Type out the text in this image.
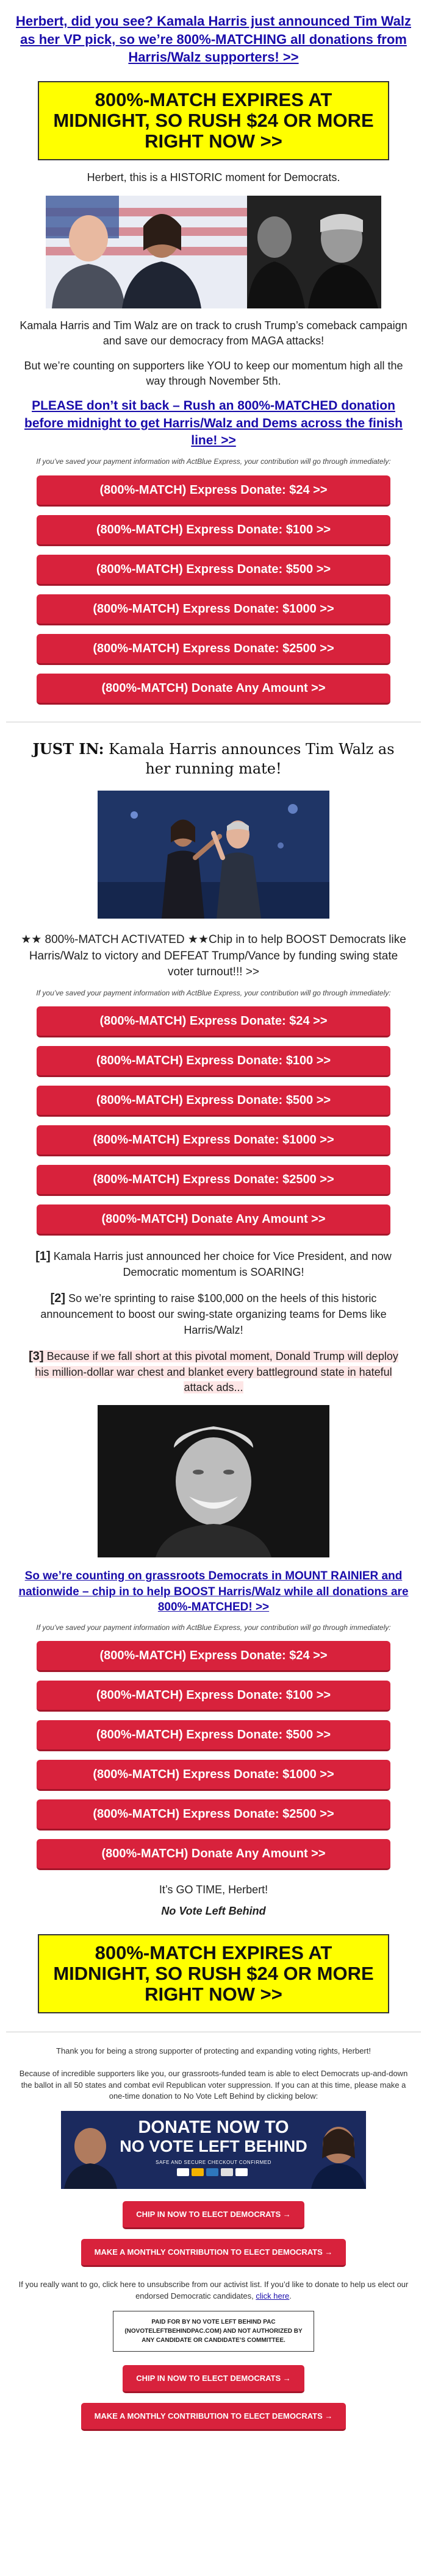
Herbert, did you see? Kamala Harris just announced Tim Walz as her VP pick, so we’re 800%-MATCHING all donations from Harris/Walz supporters! >>
800%-MATCH EXPIRES AT MIDNIGHT, SO RUSH $24 OR MORE RIGHT NOW >>
Herbert, this is a HISTORIC moment for Democrats.
Kamala Harris and Tim Walz are on track to crush Trump’s comeback campaign and save our democracy from MAGA attacks!
But we’re counting on supporters like YOU to keep our momentum high all the way through November 5th.
PLEASE don’t sit back – Rush an 800%-MATCHED donation before midnight to get Harris/Walz and Dems across the finish line! >>
If you’ve saved your payment information with ActBlue Express, your contribution will go through immediately:
(800%-MATCH) Express Donate: $24 >>
(800%-MATCH) Express Donate: $100 >>
(800%-MATCH) Express Donate: $500 >>
(800%-MATCH) Express Donate: $1000 >>
(800%-MATCH) Express Donate: $2500 >>
(800%-MATCH) Donate Any Amount >>
JUST IN: Kamala Harris announces Tim Walz as her running mate!
★★ 800%-MATCH ACTIVATED ★★Chip in to help BOOST Democrats like Harris/Walz to victory and DEFEAT Trump/Vance by funding swing state voter turnout!!! >>
If you’ve saved your payment information with ActBlue Express, your contribution will go through immediately:
(800%-MATCH) Express Donate: $24 >>
(800%-MATCH) Express Donate: $100 >>
(800%-MATCH) Express Donate: $500 >>
(800%-MATCH) Express Donate: $1000 >>
(800%-MATCH) Express Donate: $2500 >>
(800%-MATCH) Donate Any Amount >>
[1] Kamala Harris just announced her choice for Vice President, and now Democratic momentum is SOARING!
[2] So we’re sprinting to raise $100,000 on the heels of this historic announcement to boost our swing-state organizing teams for Dems like Harris/Walz!
[3] Because if we fall short at this pivotal moment, Donald Trump will deploy his million-dollar war chest and blanket every battleground state in hateful attack ads...
So we’re counting on grassroots Democrats in MOUNT RAINIER and nationwide – chip in to help BOOST Harris/Walz while all donations are 800%-MATCHED! >>
If you’ve saved your payment information with ActBlue Express, your contribution will go through immediately:
(800%-MATCH) Express Donate: $24 >>
(800%-MATCH) Express Donate: $100 >>
(800%-MATCH) Express Donate: $500 >>
(800%-MATCH) Express Donate: $1000 >>
(800%-MATCH) Express Donate: $2500 >>
(800%-MATCH) Donate Any Amount >>
It’s GO TIME, Herbert!
No Vote Left Behind
800%-MATCH EXPIRES AT MIDNIGHT, SO RUSH $24 OR MORE RIGHT NOW >>
Thank you for being a strong supporter of protecting and expanding voting rights, Herbert!
Because of incredible supporters like you, our grassroots-funded team is able to elect Democrats up-and-down the ballot in all 50 states and combat evil Republican voter suppression. If you can at this time, please make a one-time donation to No Vote Left Behind by clicking below:
DONATE NOW TO
NO VOTE LEFT BEHIND
SAFE AND SECURE CHECKOUT CONFIRMED
CHIP IN NOW TO ELECT DEMOCRATS →
MAKE A MONTHLY CONTRIBUTION TO ELECT DEMOCRATS →
If you really want to go, click here to unsubscribe from our activist list. If you’d like to donate to help us elect our endorsed Democratic candidates, click here.
PAID FOR BY NO VOTE LEFT BEHIND PAC (NOVOTELEFTBEHINDPAC.COM) AND NOT AUTHORIZED BY ANY CANDIDATE OR CANDIDATE’S COMMITTEE.
CHIP IN NOW TO ELECT DEMOCRATS →
MAKE A MONTHLY CONTRIBUTION TO ELECT DEMOCRATS →
